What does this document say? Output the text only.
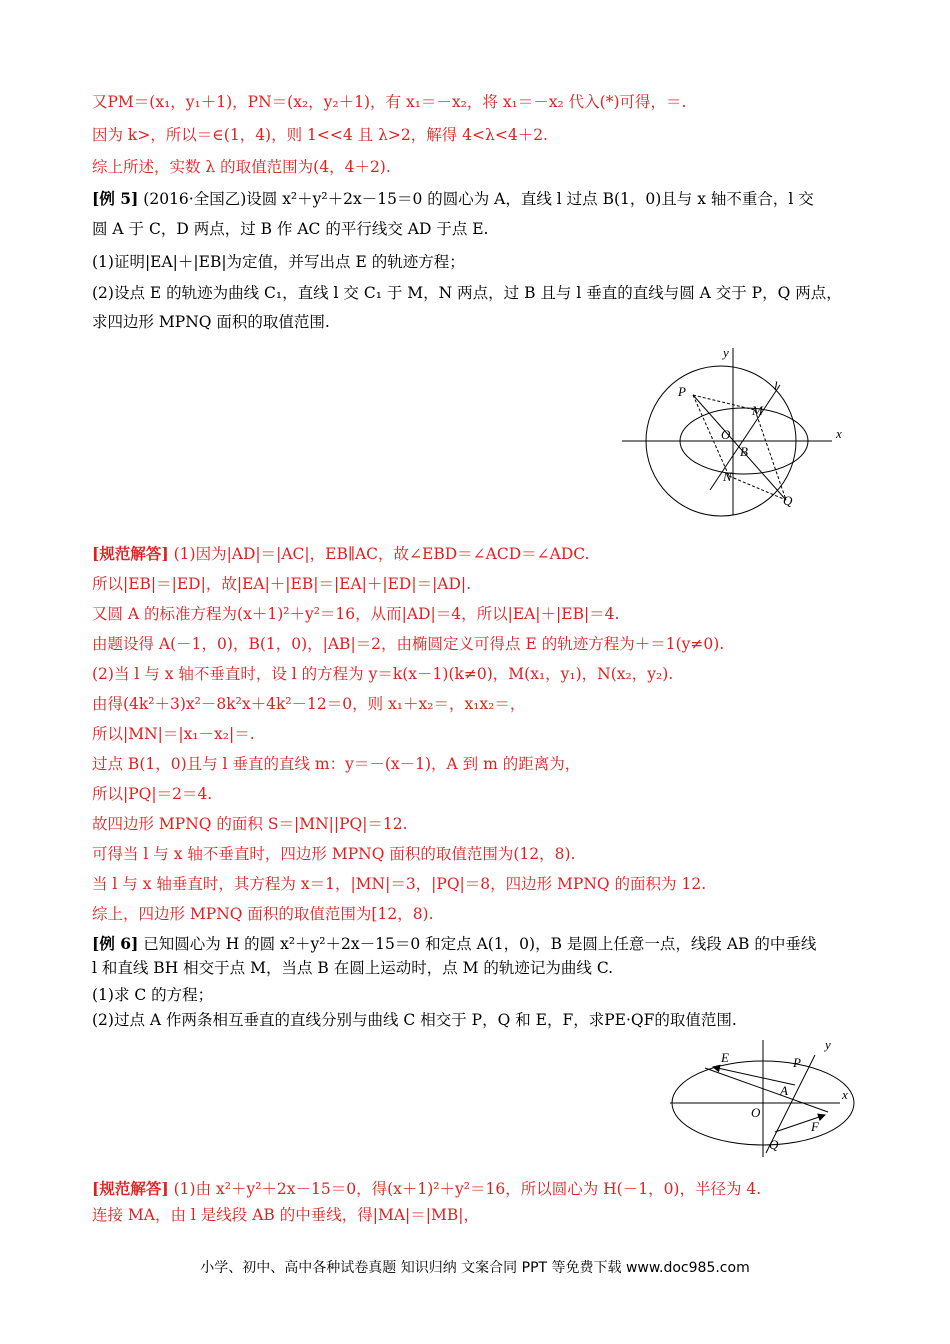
又PM＝(x₁，y₁＋1)，PN＝(x₂，y₂＋1)，有 x₁＝－x₂，将 x₁＝－x₂ 代入(*)可得，＝.
因为 k>，所以＝∈(1，4)，则 1<<4 且 λ>2，解得 4<λ<4＋2.
综上所述，实数 λ 的取值范围为(4，4＋2).
[例 5] (2016·全国乙)设圆 x²＋y²＋2x－15＝0 的圆心为 A，直线 l 过点 B(1，0)且与 x 轴不重合，l 交
圆 A 于 C，D 两点，过 B 作 AC 的平行线交 AD 于点 E.
(1)证明|EA|＋|EB|为定值，并写出点 E 的轨迹方程；
(2)设点 E 的轨迹为曲线 C₁，直线 l 交 C₁ 于 M，N 两点，过 B 且与 l 垂直的直线与圆 A 交于 P，Q 两点，
求四边形 MPNQ 面积的取值范围.
y
x
l
P
M
O
B
N
Q
[规范解答] (1)因为|AD|＝|AC|，EB∥AC，故∠EBD＝∠ACD＝∠ADC.
所以|EB|＝|ED|，故|EA|＋|EB|＝|EA|＋|ED|＝|AD|.
又圆 A 的标准方程为(x＋1)²＋y²＝16，从而|AD|＝4，所以|EA|＋|EB|＝4.
由题设得 A(－1，0)，B(1，0)，|AB|＝2，由椭圆定义可得点 E 的轨迹方程为＋＝1(y≠0).
(2)当 l 与 x 轴不垂直时，设 l 的方程为 y＝k(x－1)(k≠0)，M(x₁，y₁)，N(x₂，y₂).
由得(4k²＋3)x²－8k²x＋4k²－12＝0，则 x₁＋x₂＝，x₁x₂＝，
所以|MN|＝|x₁－x₂|＝.
过点 B(1，0)且与 l 垂直的直线 m：y＝－(x－1)，A 到 m 的距离为，
所以|PQ|＝2＝4.
故四边形 MPNQ 的面积 S＝|MN||PQ|＝12.
可得当 l 与 x 轴不垂直时，四边形 MPNQ 面积的取值范围为(12，8).
当 l 与 x 轴垂直时，其方程为 x＝1，|MN|＝3，|PQ|＝8，四边形 MPNQ 的面积为 12.
综上，四边形 MPNQ 面积的取值范围为[12，8).
[例 6] 已知圆心为 H 的圆 x²＋y²＋2x－15＝0 和定点 A(1，0)，B 是圆上任意一点，线段 AB 的中垂线
l 和直线 BH 相交于点 M，当点 B 在圆上运动时，点 M 的轨迹记为曲线 C.
(1)求 C 的方程；
(2)过点 A 作两条相互垂直的直线分别与曲线 C 相交于 P，Q 和 E，F，求PE·QF的取值范围.
y
x
E	P
A
O
Q
F
[规范解答] (1)由 x²＋y²＋2x－15＝0，得(x＋1)²＋y²＝16，所以圆心为 H(－1，0)，半径为 4.
连接 MA，由 l 是线段 AB 的中垂线，得|MA|＝|MB|，
小学、初中、高中各种试卷真题 知识归纳 文案合同 PPT 等免费下载 www.doc985.com
